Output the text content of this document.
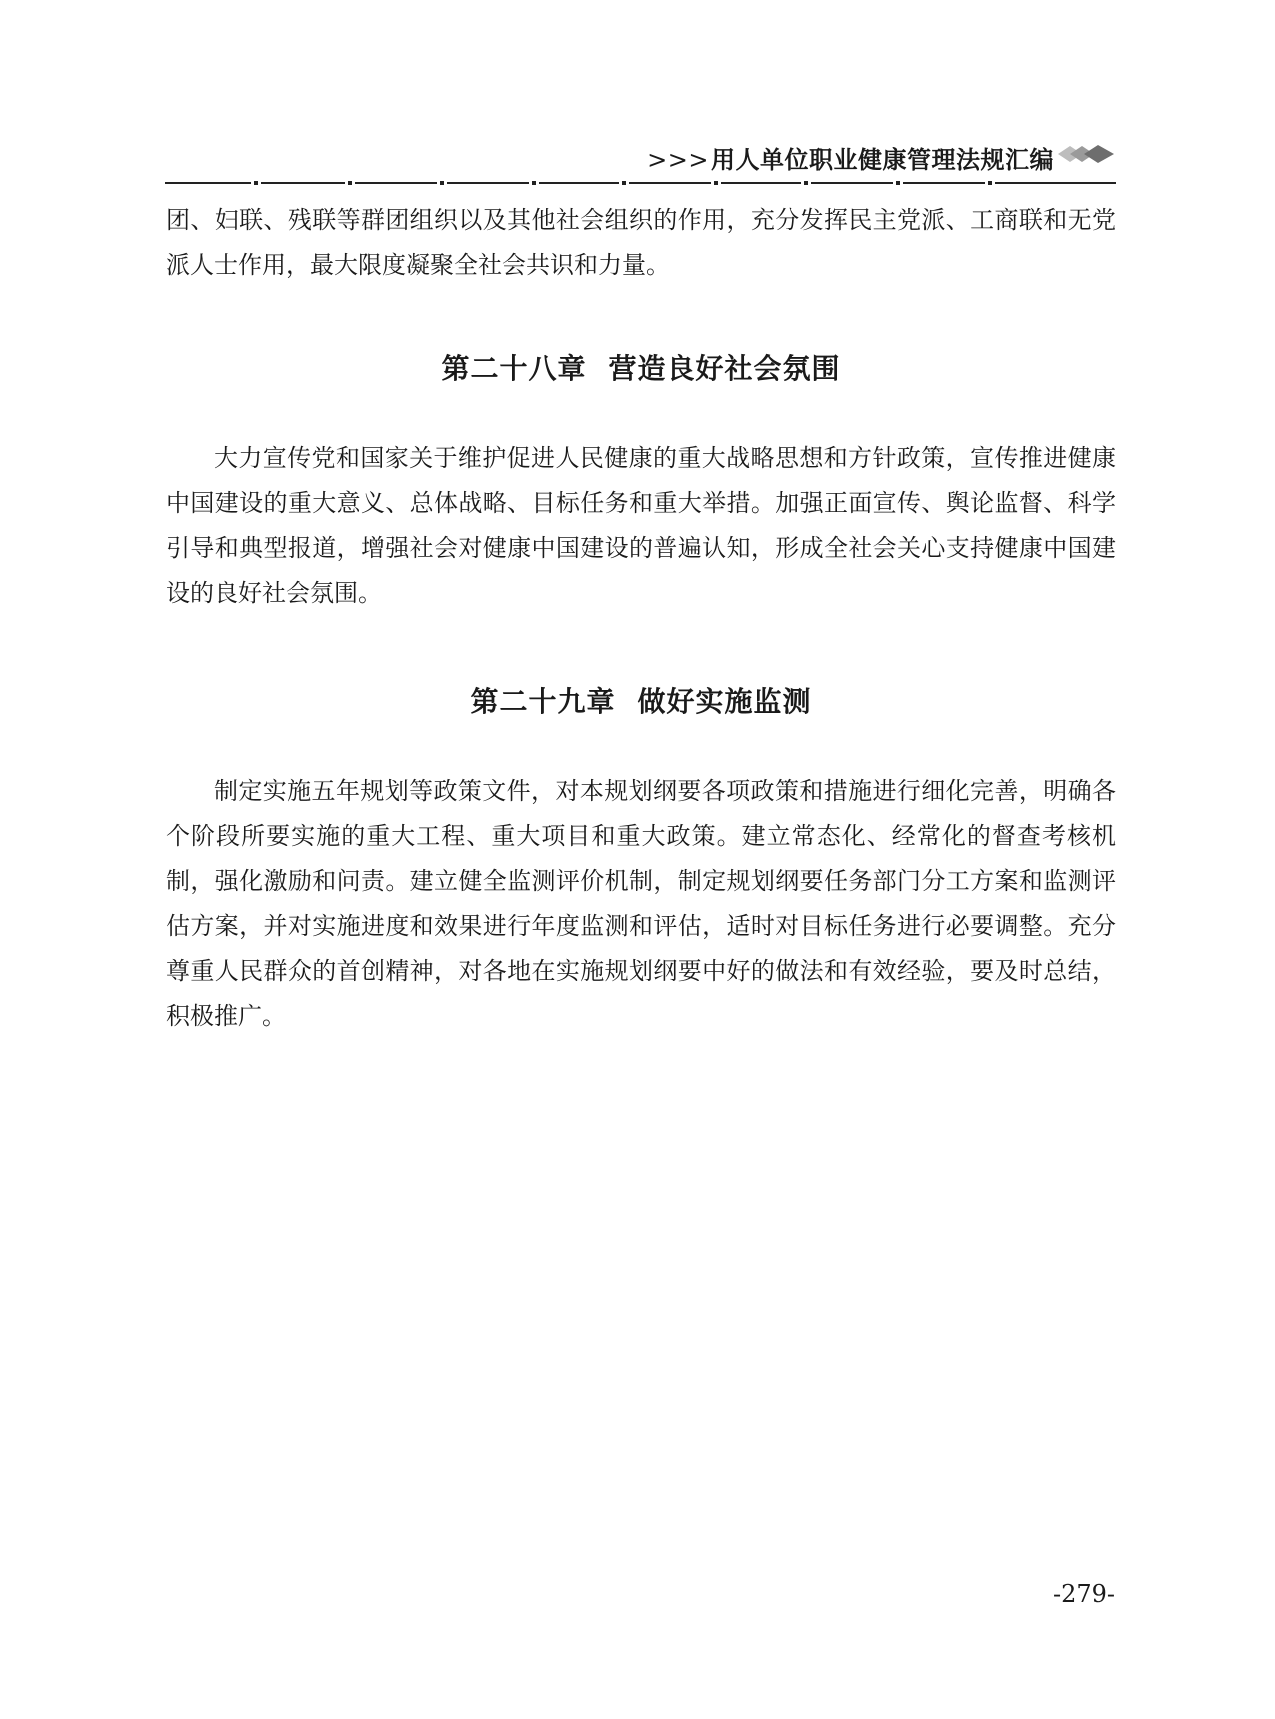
>>>用人单位职业健康管理法规汇编

团、妇联、残联等群团组织以及其他社会组织的作用，充分发挥民主党派、工商联和无党派人士作用，最大限度凝聚全社会共识和力量。

第二十八章 营造良好社会氛围

大力宣传党和国家关于维护促进人民健康的重大战略思想和方针政策，宣传推进健康中国建设的重大意义、总体战略、目标任务和重大举措。加强正面宣传、舆论监督、科学引导和典型报道，增强社会对健康中国建设的普遍认知，形成全社会关心支持健康中国建设的良好社会氛围。

第二十九章 做好实施监测

制定实施五年规划等政策文件，对本规划纲要各项政策和措施进行细化完善，明确各个阶段所要实施的重大工程、重大项目和重大政策。建立常态化、经常化的督查考核机制，强化激励和问责。建立健全监测评价机制，制定规划纲要任务部门分工方案和监测评估方案，并对实施进度和效果进行年度监测和评估，适时对目标任务进行必要调整。充分尊重人民群众的首创精神，对各地在实施规划纲要中好的做法和有效经验，要及时总结，积极推广。

-279-
